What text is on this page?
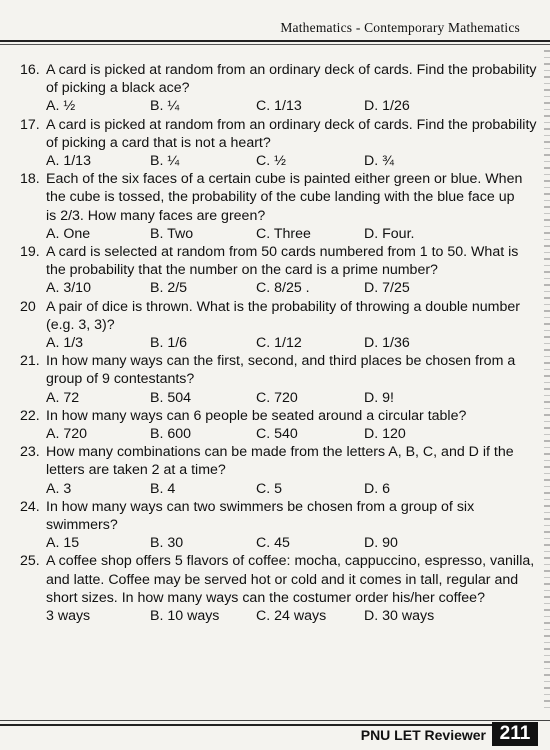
Mathematics - Contemporary Mathematics
16. A card is picked at random from an ordinary deck of cards. Find the probability
of picking a black ace?
A. ½	B. ¼	C. 1/13	D. 1/26
17. A card is picked at random from an ordinary deck of cards. Find the probability
of picking a card that is not a heart?
A. 1/13	B. ¼	C. ½	D. ¾
18. Each of the six faces of a certain cube is painted either green or blue. When
the cube is tossed, the probability of the cube landing with the blue face up
is 2/3. How many faces are green?
A. One	B. Two	C. Three	D. Four.
19. A card is selected at random from 50 cards numbered from 1 to 50. What is
the probability that the number on the card is a prime number?
A. 3/10	B. 2/5	C. 8/25 .	D. 7/25
20 A pair of dice is thrown. What is the probability of throwing a double number
(e.g. 3, 3)?
A. 1/3	B. 1/6	C. 1/12	D. 1/36
21. In how many ways can the first, second, and third places be chosen from a
group of 9 contestants?
A. 72	B. 504	C. 720	D. 9!
22. In how many ways can 6 people be seated around a circular table?
A. 720	B. 600	C. 540	D. 120
23. How many combinations can be made from the letters A, B, C, and D if the
letters are taken 2 at a time?
A. 3	B. 4	C. 5	D. 6
24. In how many ways can two swimmers be chosen from a group of six
swimmers?
A. 15	B. 30	C. 45	D. 90
25. A coffee shop offers 5 flavors of coffee: mocha, cappuccino, espresso, vanilla,
and latte. Coffee may be served hot or cold and it comes in tall, regular and
short sizes. In how many ways can the costumer order his/her coffee?
3 ways	B. 10 ways	C. 24 ways	D. 30 ways
PNU LET Reviewer 211
